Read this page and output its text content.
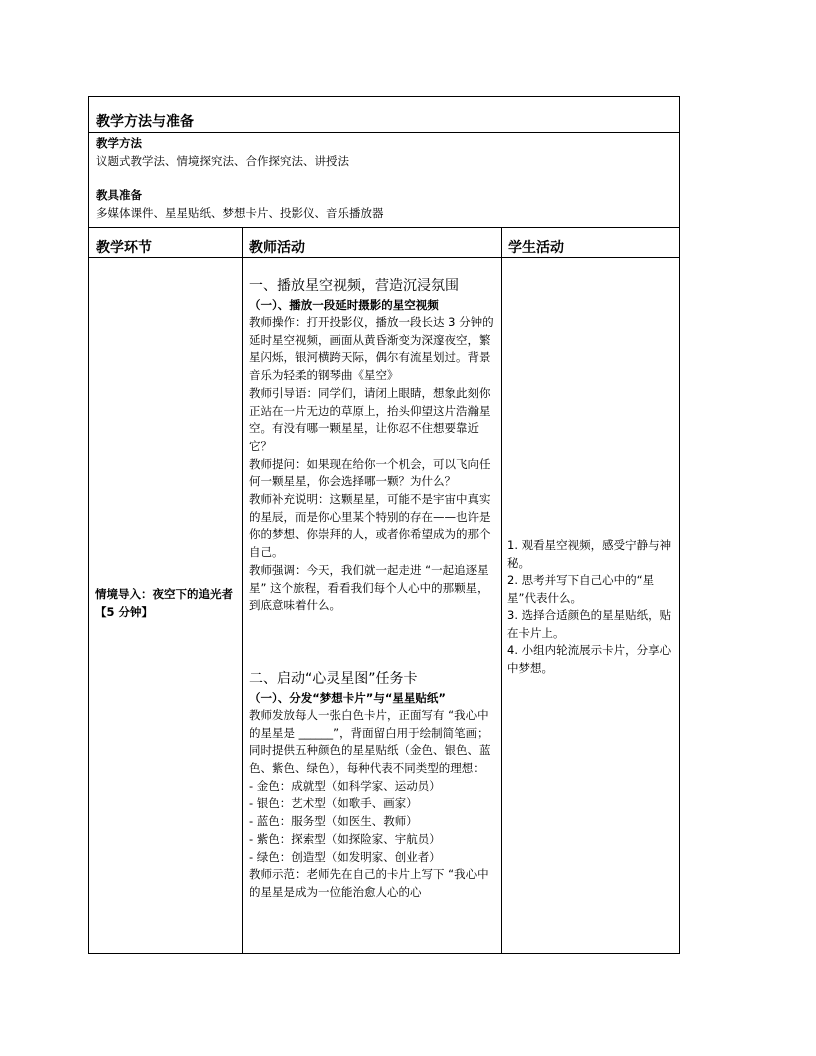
教学方法与准备
教学方法
议题式教学法、情境探究法、合作探究法、讲授法
教具准备
多媒体课件、星星贴纸、梦想卡片、投影仪、音乐播放器
教学环节	教师活动	学生活动
情境导入：夜空下的追光者【5 分钟】

一、播放星空视频，营造沉浸氛围

（一）、播放一段延时摄影的星空视频

教师操作：打开投影仪，播放一段长达 3 分钟的延时星空视频，画面从黄昏渐变为深邃夜空，繁星闪烁，银河横跨天际，偶尔有流星划过。背景音乐为轻柔的钢琴曲《星空》

教师引导语：同学们，请闭上眼睛，想象此刻你正站在一片无边的草原上，抬头仰望这片浩瀚星空。有没有哪一颗星星，让你忍不住想要靠近它？

教师提问：如果现在给你一个机会，可以飞向任何一颗星星，你会选择哪一颗？为什么？

教师补充说明：这颗星星，可能不是宇宙中真实的星辰，而是你心里某个特别的存在——也许是你的梦想、你崇拜的人，或者你希望成为的那个自己。

教师强调：今天，我们就一起走进 “一起追逐星星” 这个旅程，看看我们每个人心中的那颗星，到底意味着什么。

二、启动“心灵星图”任务卡

（一）、分发“梦想卡片”与“星星贴纸”

教师发放每人一张白色卡片，正面写有 “我心中的星星是 ______”，背面留白用于绘制简笔画；同时提供五种颜色的星星贴纸（金色、银色、蓝色、紫色、绿色），每种代表不同类型的理想：

- 金色：成就型（如科学家、运动员）

- 银色：艺术型（如歌手、画家）

- 蓝色：服务型（如医生、教师）

- 紫色：探索型（如探险家、宇航员）

- 绿色：创造型（如发明家、创业者）

教师示范：老师先在自己的卡片上写下 “我心中的星星是成为一位能治愈人心的心

1. 观看星空视频，感受宁静与神秘。

2. 思考并写下自己心中的“星星”代表什么。

3. 选择合适颜色的星星贴纸，贴在卡片上。

4. 小组内轮流展示卡片，分享心中梦想。
